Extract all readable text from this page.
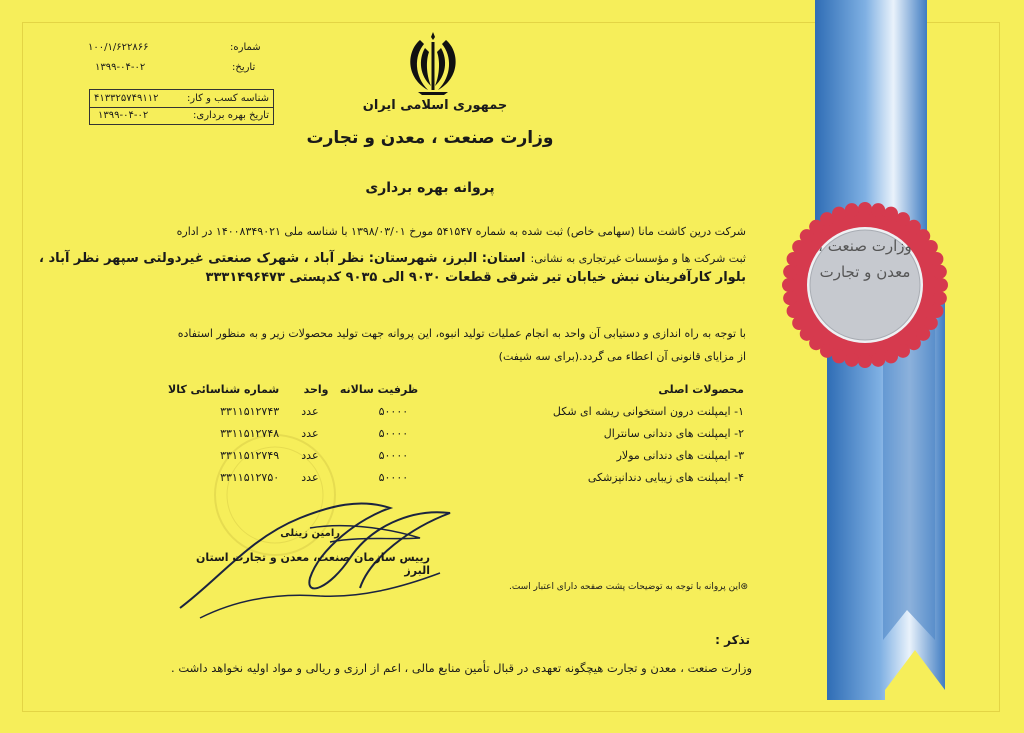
وزارت صنعت ، معدن و تجارت
شماره:
۱۰۰/۱/۶۲۲۸۶۶
تاریخ:
۱۳۹۹-۰۴-۰۲
شناسه کسب و کار:
۴۱۳۳۲۵۷۴۹۱۱۲
تاریخ بهره برداری:
۱۳۹۹-۰۴-۰۲
جمهوری اسلامی ایران
وزارت صنعت ، معدن و تجارت
پروانه بهره برداری
شرکت درین کاشت مانا (سهامی خاص) ثبت شده به شماره ۵۴۱۵۴۷ مورخ ۱۳۹۸/۰۳/۰۱ با شناسه ملی ۱۴۰۰۸۳۴۹۰۲۱ در اداره
ثبت شرکت ها و مؤسسات غیرتجاری به نشانی: استان: البرز، شهرستان: نظر آباد ، شهرک صنعتی غیردولتی سپهر نظر آباد ،
بلوار کارآفرینان نبش خیابان تیر شرقی قطعات ۹۰۳۰ الی ۹۰۳۵ کدپستی ۳۳۳۱۴۹۶۴۷۳
با توجه به راه اندازی و دستیابی آن واحد به انجام عملیات تولید انبوه، این پروانه جهت تولید محصولات زیر و به منظور استفاده
از مزایای قانونی آن اعطاء می گردد.(برای سه شیفت)
محصولات اصلی	ظرفیت سالانه	واحد	شماره شناسائی کالا
۱- ایمپلنت درون استخوانی ریشه ای شکل	۵۰۰۰۰	عدد	۳۳۱۱۵۱۲۷۴۳
۲- ایمپلنت های دندانی سانترال	۵۰۰۰۰	عدد	۳۳۱۱۵۱۲۷۴۸
۳- ایمپلنت های دندانی مولار	۵۰۰۰۰	عدد	۳۳۱۱۵۱۲۷۴۹
۴- ایمپلنت های زیبایی دندانپزشکی	۵۰۰۰۰	عدد	۳۳۱۱۵۱۲۷۵۰
رامین زینلی
رییس سازمان صنعت، معدن و تجارت استان البرز
⊛این پروانه با توجه به توضیحات پشت صفحه دارای اعتبار است.
تذکر :
وزارت صنعت ، معدن و تجارت هیچگونه تعهدی در قبال تأمین منابع مالی ، اعم از ارزی و ریالی و مواد اولیه نخواهد داشت .
